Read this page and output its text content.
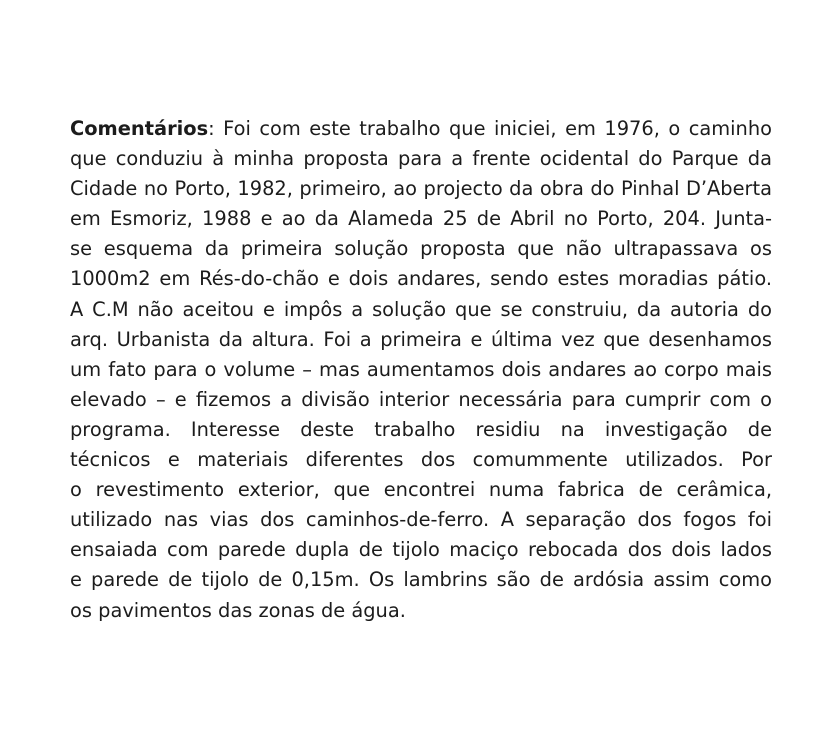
Comentários: Foi com este trabalho que iniciei, em 1976, o caminho
que conduziu à minha proposta para a frente ocidental do Parque da
Cidade no Porto, 1982, primeiro, ao projecto da obra do Pinhal D’Aberta
em Esmoriz, 1988 e ao da Alameda 25 de Abril no Porto, 204. Junta-
se esquema da primeira solução proposta que não ultrapassava os
1000m2 em Rés-do-chão e dois andares, sendo estes moradias pátio.
A C.M não aceitou e impôs a solução que se construiu, da autoria do
arq. Urbanista da altura. Foi a primeira e última vez que desenhamos
um fato para o volume – mas aumentamos dois andares ao corpo mais
elevado – e fizemos a divisão interior necessária para cumprir com o
programa. Interesse deste trabalho residiu na investigação de
técnicos e materiais diferentes dos comummente utilizados. Por
o revestimento exterior, que encontrei numa fabrica de cerâmica,
utilizado nas vias dos caminhos-de-ferro. A separação dos fogos foi
ensaiada com parede dupla de tijolo maciço rebocada dos dois lados
e parede de tijolo de 0,15m. Os lambrins são de ardósia assim como
os pavimentos das zonas de água.
